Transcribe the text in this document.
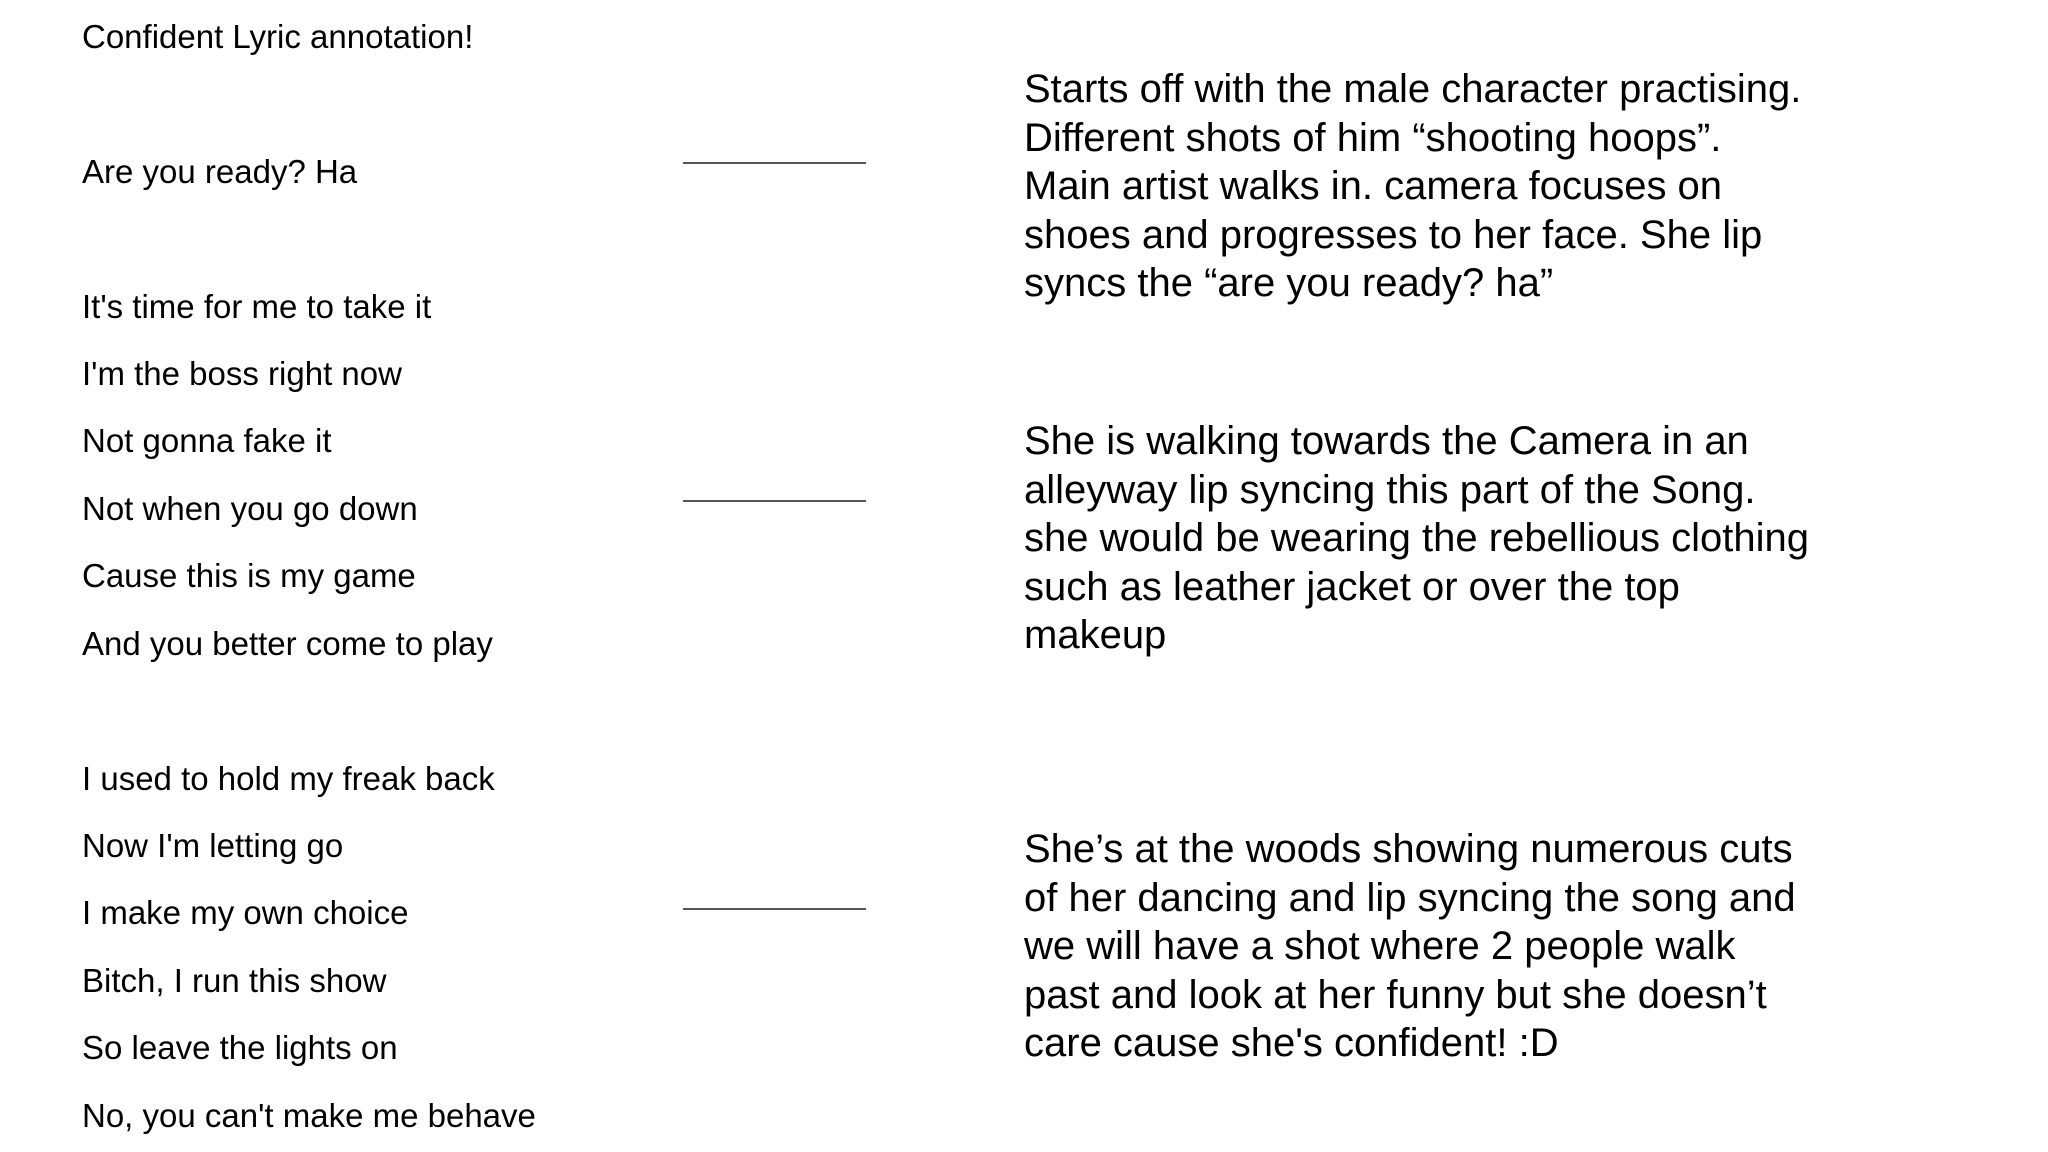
Confident Lyric annotation!
Are you ready? Ha
It's time for me to take it
I'm the boss right now
Not gonna fake it
Not when you go down
Cause this is my game
And you better come to play
I used to hold my freak back
Now I'm letting go
I make my own choice
Bitch, I run this show
So leave the lights on
No, you can't make me behave
Starts off with the male character practising.
Different shots of him “shooting hoops”.
Main artist walks in. camera focuses on
shoes and progresses to her face. She lip
syncs the “are you ready? ha”
She is walking towards the Camera in an
alleyway lip syncing this part of the Song.
she would be wearing the rebellious clothing
such as leather jacket or over the top
makeup
She’s at the woods showing numerous cuts
of her dancing and lip syncing the song and
we will have a shot where 2 people walk
past and look at her funny but she doesn’t
care cause she's confident! :D
